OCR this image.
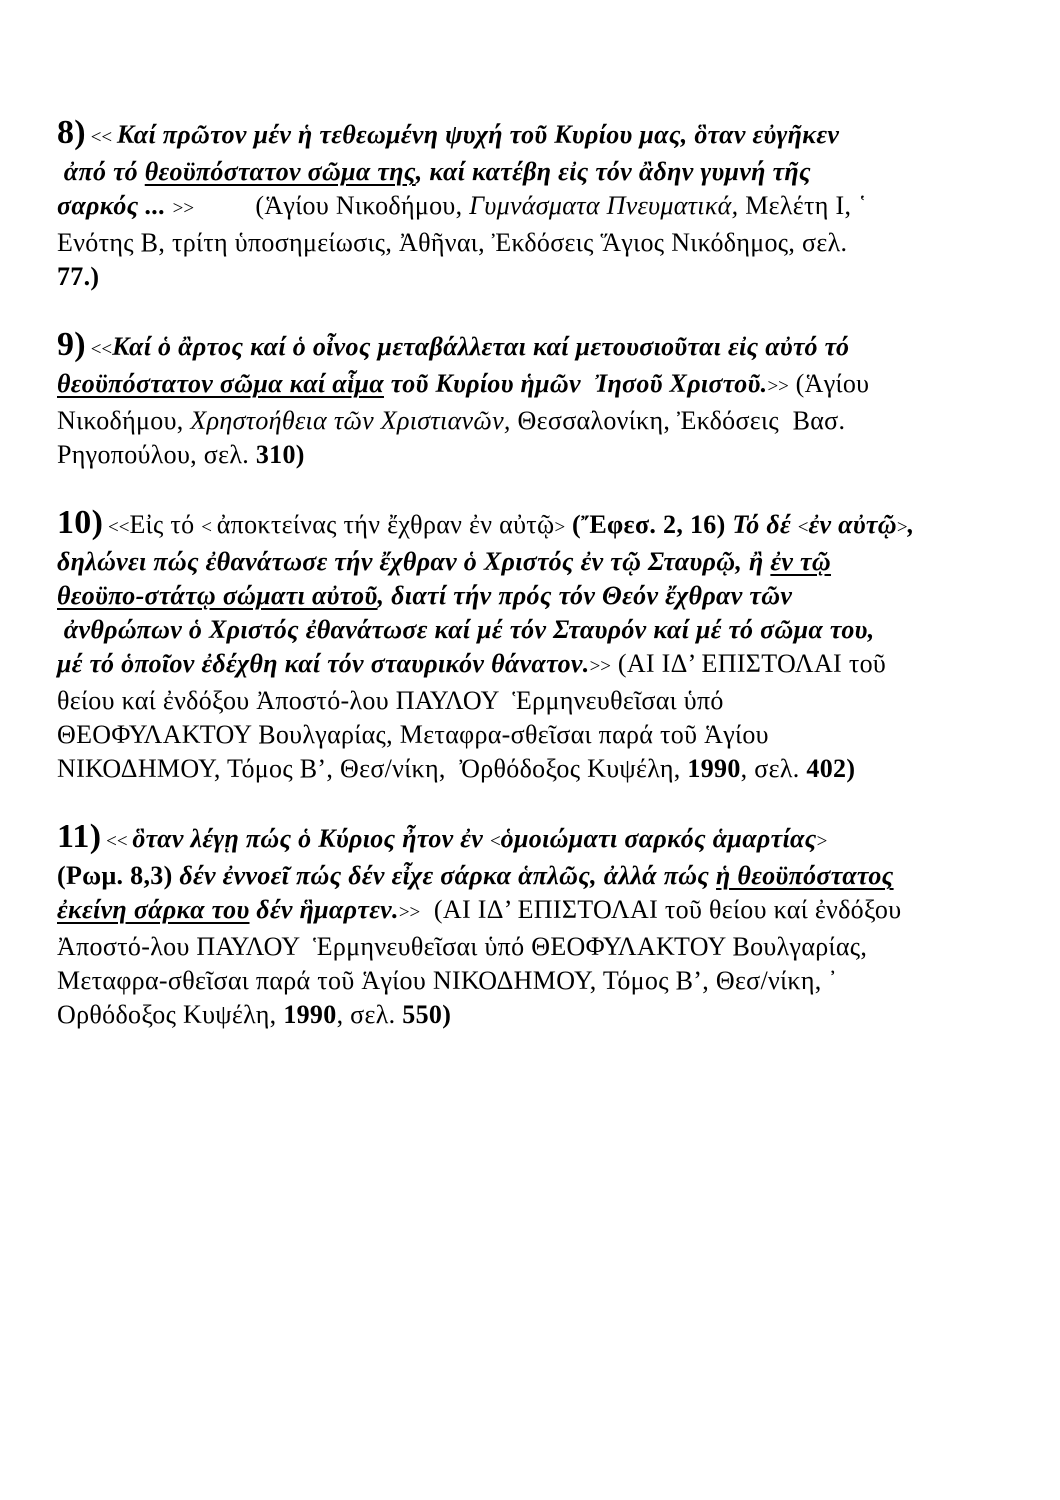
8) << Καί πρῶτον μέν ἡ τεθεωμένη ψυχή τοῦ Κυρίου μας, ὃταν εὐγῆκεν
ἀπό τό θεοϋπόστατον σῶμα της, καί κατέβη εἰς τόν ἂδην γυμνή τῆς
σαρκός ... >>         (Ἁγίου Νικοδήμου, Γυμνάσματα Πνευματικά, Μελέτη I, ῾
Ενότης Β, τρίτη ὑποσημείωσις, Ἀθῆναι, Ἐκδόσεις Ἅγιος Νικόδημος, σελ.
77.)
9) <<Καί ὁ ἂρτος καί ὁ οἶνος μεταβάλλεται καί μετουσιοῦται εἰς αὐτό τό
θεοϋπόστατον σῶμα καί αἷμα τοῦ Κυρίου ἡμῶν  Ἰησοῦ Χριστοῦ.>> (Ἁγίου
Νικοδήμου, Χρηστοήθεια τῶν Χριστιανῶν, Θεσσαλονίκη, Ἐκδόσεις  Βασ.
Ρηγοπούλου, σελ. 310)
10) <<Εἰς τό < ἀποκτείνας τήν ἔχθραν ἐν αὐτῷ> (Ἔφεσ. 2, 16) Τό δέ <ἐν αὐτῷ>,
δηλώνει πώς ἐθανάτωσε τήν ἔχθραν ὁ Χριστός ἐν τῷ Σταυρῷ, ἢ ἐν τῷ
θεοϋπο-στάτῳ σώματι αὐτοῦ, διατί τήν πρός τόν Θεόν ἔχθραν τῶν
ἀνθρώπων ὁ Χριστός ἐθανάτωσε καί μέ τόν Σταυρόν καί μέ τό σῶμα του,
μέ τό ὁποῖον ἐδέχθη καί τόν σταυρικόν θάνατον.>> (ΑΙ ΙΔ’ ΕΠΙΣΤΟΛΑΙ τοῦ
θείου καί ἐνδόξου Ἀποστό-λου ΠΑΥΛΟΥ  Ἑρμηνευθεῖσαι ὑπό
ΘΕΟΦΥΛΑΚΤΟΥ Βουλγαρίας, Μεταφρα-σθεῖσαι παρά τοῦ Ἁγίου
ΝΙΚΟΔΗΜΟΥ, Τόμος Β’, Θεσ/νίκη,  Ὀρθόδοξος Κυψέλη, 1990, σελ. 402)
11) << ὃταν λέγῃ πώς ὁ Κύριος ἦτον ἐν <ὁμοιώματι σαρκός ἁμαρτίας>
(Ρωμ. 8,3) δέν ἐννοεῖ πώς δέν εἶχε σάρκα ἁπλῶς, ἀλλά πώς ἡ θεοϋπόστατος
ἐκείνη σάρκα του δέν ἣμαρτεν.>>  (ΑΙ ΙΔ’ ΕΠΙΣΤΟΛΑΙ τοῦ θείου καί ἐνδόξου
Ἀποστό-λου ΠΑΥΛΟΥ  Ἑρμηνευθεῖσαι ὑπό ΘΕΟΦΥΛΑΚΤΟΥ Βουλγαρίας,
Μεταφρα-σθεῖσαι παρά τοῦ Ἁγίου ΝΙΚΟΔΗΜΟΥ, Τόμος Β’, Θεσ/νίκη, ᾿
Ορθόδοξος Κυψέλη, 1990, σελ. 550)
